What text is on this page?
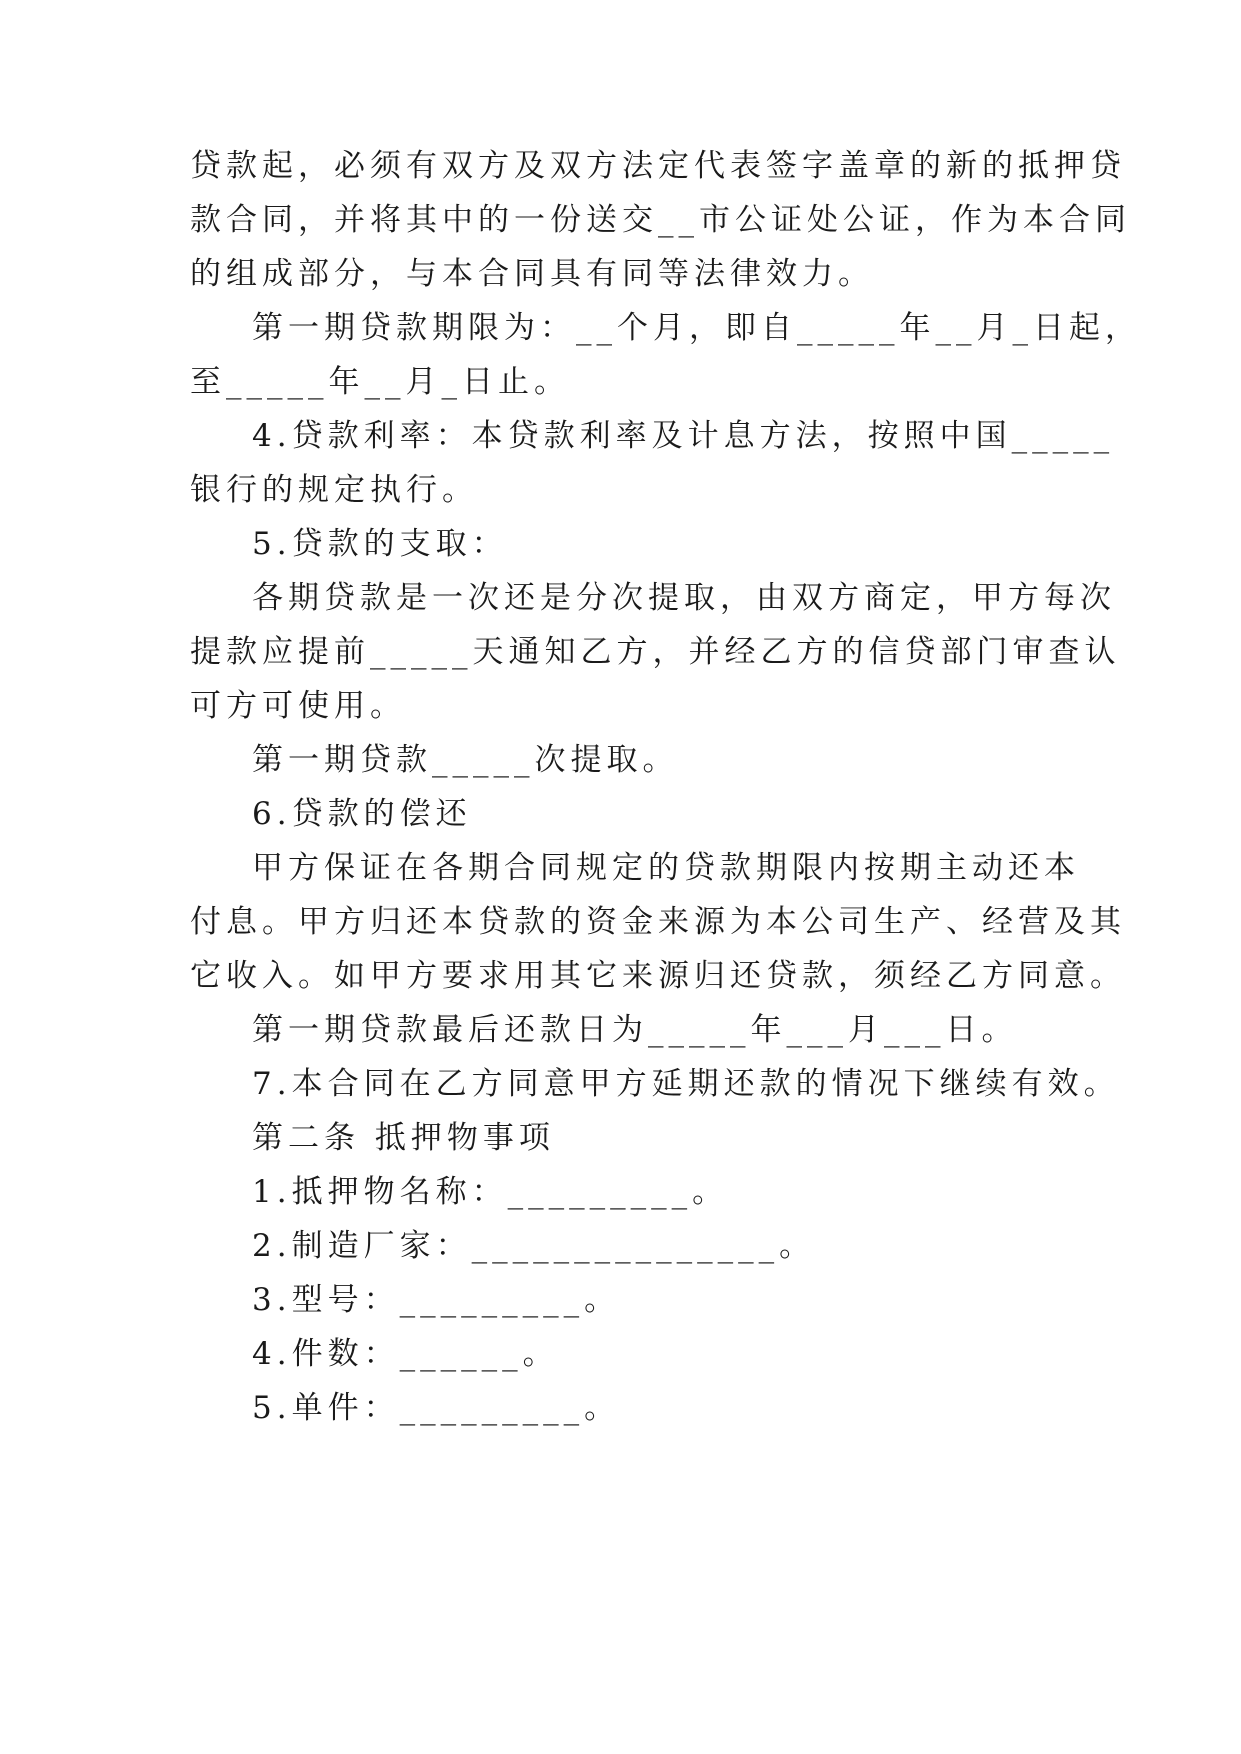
贷款起，必须有双方及双方法定代表签字盖章的新的抵押贷
款合同，并将其中的一份送交__市公证处公证，作为本合同
的组成部分，与本合同具有同等法律效力。
第一期贷款期限为：__个月，即自_____年__月_日起，
至_____年__月_日止。
4.贷款利率：本贷款利率及计息方法，按照中国_____
银行的规定执行。
5.贷款的支取：
各期贷款是一次还是分次提取，由双方商定，甲方每次
提款应提前_____天通知乙方，并经乙方的信贷部门审查认
可方可使用。
第一期贷款_____次提取。
6.贷款的偿还
甲方保证在各期合同规定的贷款期限内按期主动还本
付息。甲方归还本贷款的资金来源为本公司生产、经营及其
它收入。如甲方要求用其它来源归还贷款，须经乙方同意。
第一期贷款最后还款日为_____年___月___日。
7.本合同在乙方同意甲方延期还款的情况下继续有效。
第二条 抵押物事项
1.抵押物名称：_________。
2.制造厂家：_______________。
3.型号：_________。
4.件数：______。
5.单件：_________。
